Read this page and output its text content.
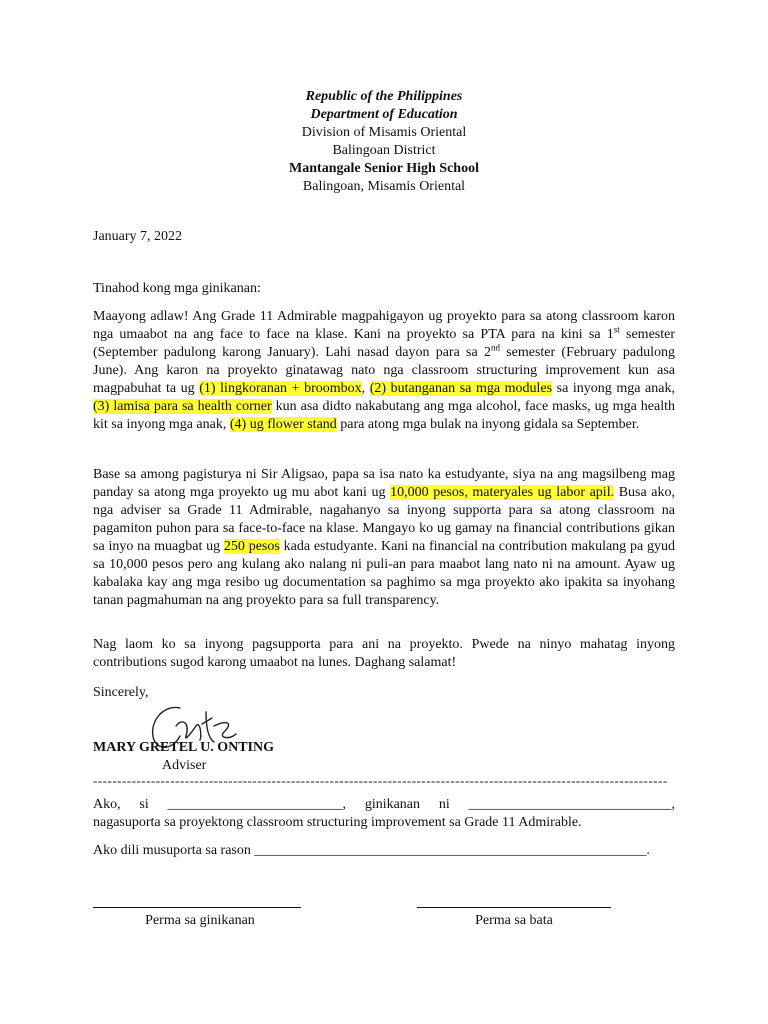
Republic of the Philippines
Department of Education
Division of Misamis Oriental
Balingoan District
Mantangale Senior High School
Balingoan, Misamis Oriental
January 7, 2022
Tinahod kong mga ginikanan:

Maayong adlaw! Ang Grade 11 Admirable magpahigayon ug proyekto para sa atong classroom karon nga umaabot na ang face to face na klase. Kani na proyekto sa PTA para na kini sa 1st semester (September padulong karong January). Lahi nasad dayon para sa 2nd semester (February padulong June). Ang karon na proyekto ginatawag nato nga classroom structuring improvement kun asa magpabuhat ta ug (1) lingkoranan + broombox, (2) butanganan sa mga modules sa inyong mga anak, (3) lamisa para sa health corner kun asa didto nakabutang ang mga alcohol, face masks, ug mga health kit sa inyong mga anak, (4) ug flower stand para atong mga bulak na inyong gidala sa September.

Base sa among pagisturya ni Sir Aligsao, papa sa isa nato ka estudyante, siya na ang magsilbeng mag panday sa atong mga proyekto ug mu abot kani ug 10,000 pesos, materyales ug labor apil. Busa ako, nga adviser sa Grade 11 Admirable, nagahanyo sa inyong supporta para sa atong classroom na pagamiton puhon para sa face-to-face na klase. Mangayo ko ug gamay na financial contributions gikan sa inyo na muagbat ug 250 pesos kada estudyante. Kani na financial na contribution makulang pa gyud sa 10,000 pesos pero ang kulang ako nalang ni puli-an para maabot lang nato ni na amount. Ayaw ug kabalaka kay ang mga resibo ug documentation sa paghimo sa mga proyekto ako ipakita sa inyohang tanan pagmahuman na ang proyekto para sa full transparency.

Nag laom ko sa inyong pagsupporta para ani na proyekto. Pwede na ninyo mahatag inyong contributions sugod karong umaabot na lunes. Daghang salamat!

Sincerely,
MARY GRETEL U. ONTING
Adviser
-----------------------------------------------------------------------------------------------------------------------
Ako, si _________________________, ginikanan ni _____________________________,
nagasuporta sa proyektong classroom structuring improvement sa Grade 11 Admirable.
Ako dili musuporta sa rason ________________________________________________________.
Perma sa ginikanan	Perma sa bata
